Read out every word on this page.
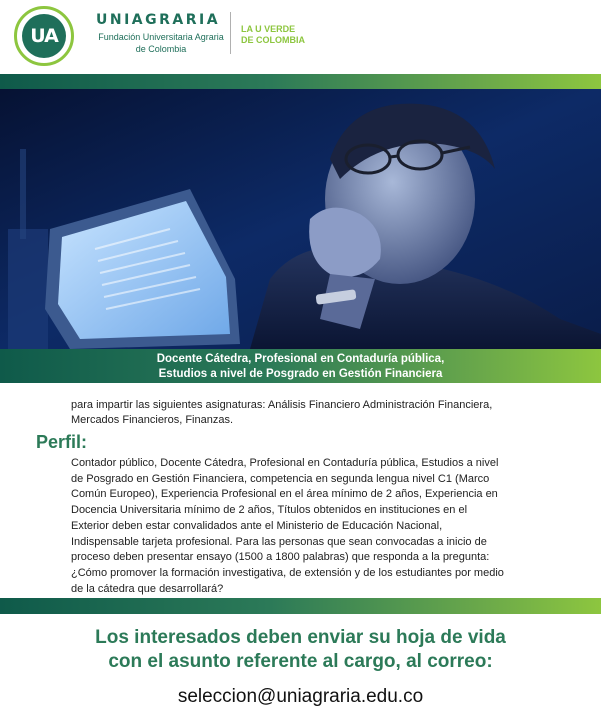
UA
UNIAGRARIA
Fundación Universitaria Agraria
de Colombia
LA U VERDE
DE COLOMBIA
Docente Cátedra, Profesional en Contaduría pública,
Estudios a nivel de Posgrado en Gestión Financiera
para impartir las siguientes asignaturas: Análisis Financiero Administración Financiera,
Mercados Financieros, Finanzas.
Perfil:
Contador público, Docente Cátedra, Profesional en Contaduría pública, Estudios a nivel
de Posgrado en Gestión Financiera, competencia en segunda lengua nivel C1 (Marco
Común Europeo), Experiencia Profesional en el área mínimo de 2 años, Experiencia en
Docencia Universitaria mínimo de 2 años, Títulos obtenidos en instituciones en el
Exterior deben estar convalidados ante el Ministerio de Educación Nacional,
Indispensable tarjeta profesional. Para las personas que sean convocadas a inicio de
proceso deben presentar ensayo (1500 a 1800 palabras) que responda a la pregunta:
¿Cómo promover la formación investigativa, de extensión y de los estudiantes por medio
de la cátedra que desarrollará?
Los interesados deben enviar su hoja de vida
con el asunto referente al cargo, al correo:
seleccion@uniagraria.edu.co
